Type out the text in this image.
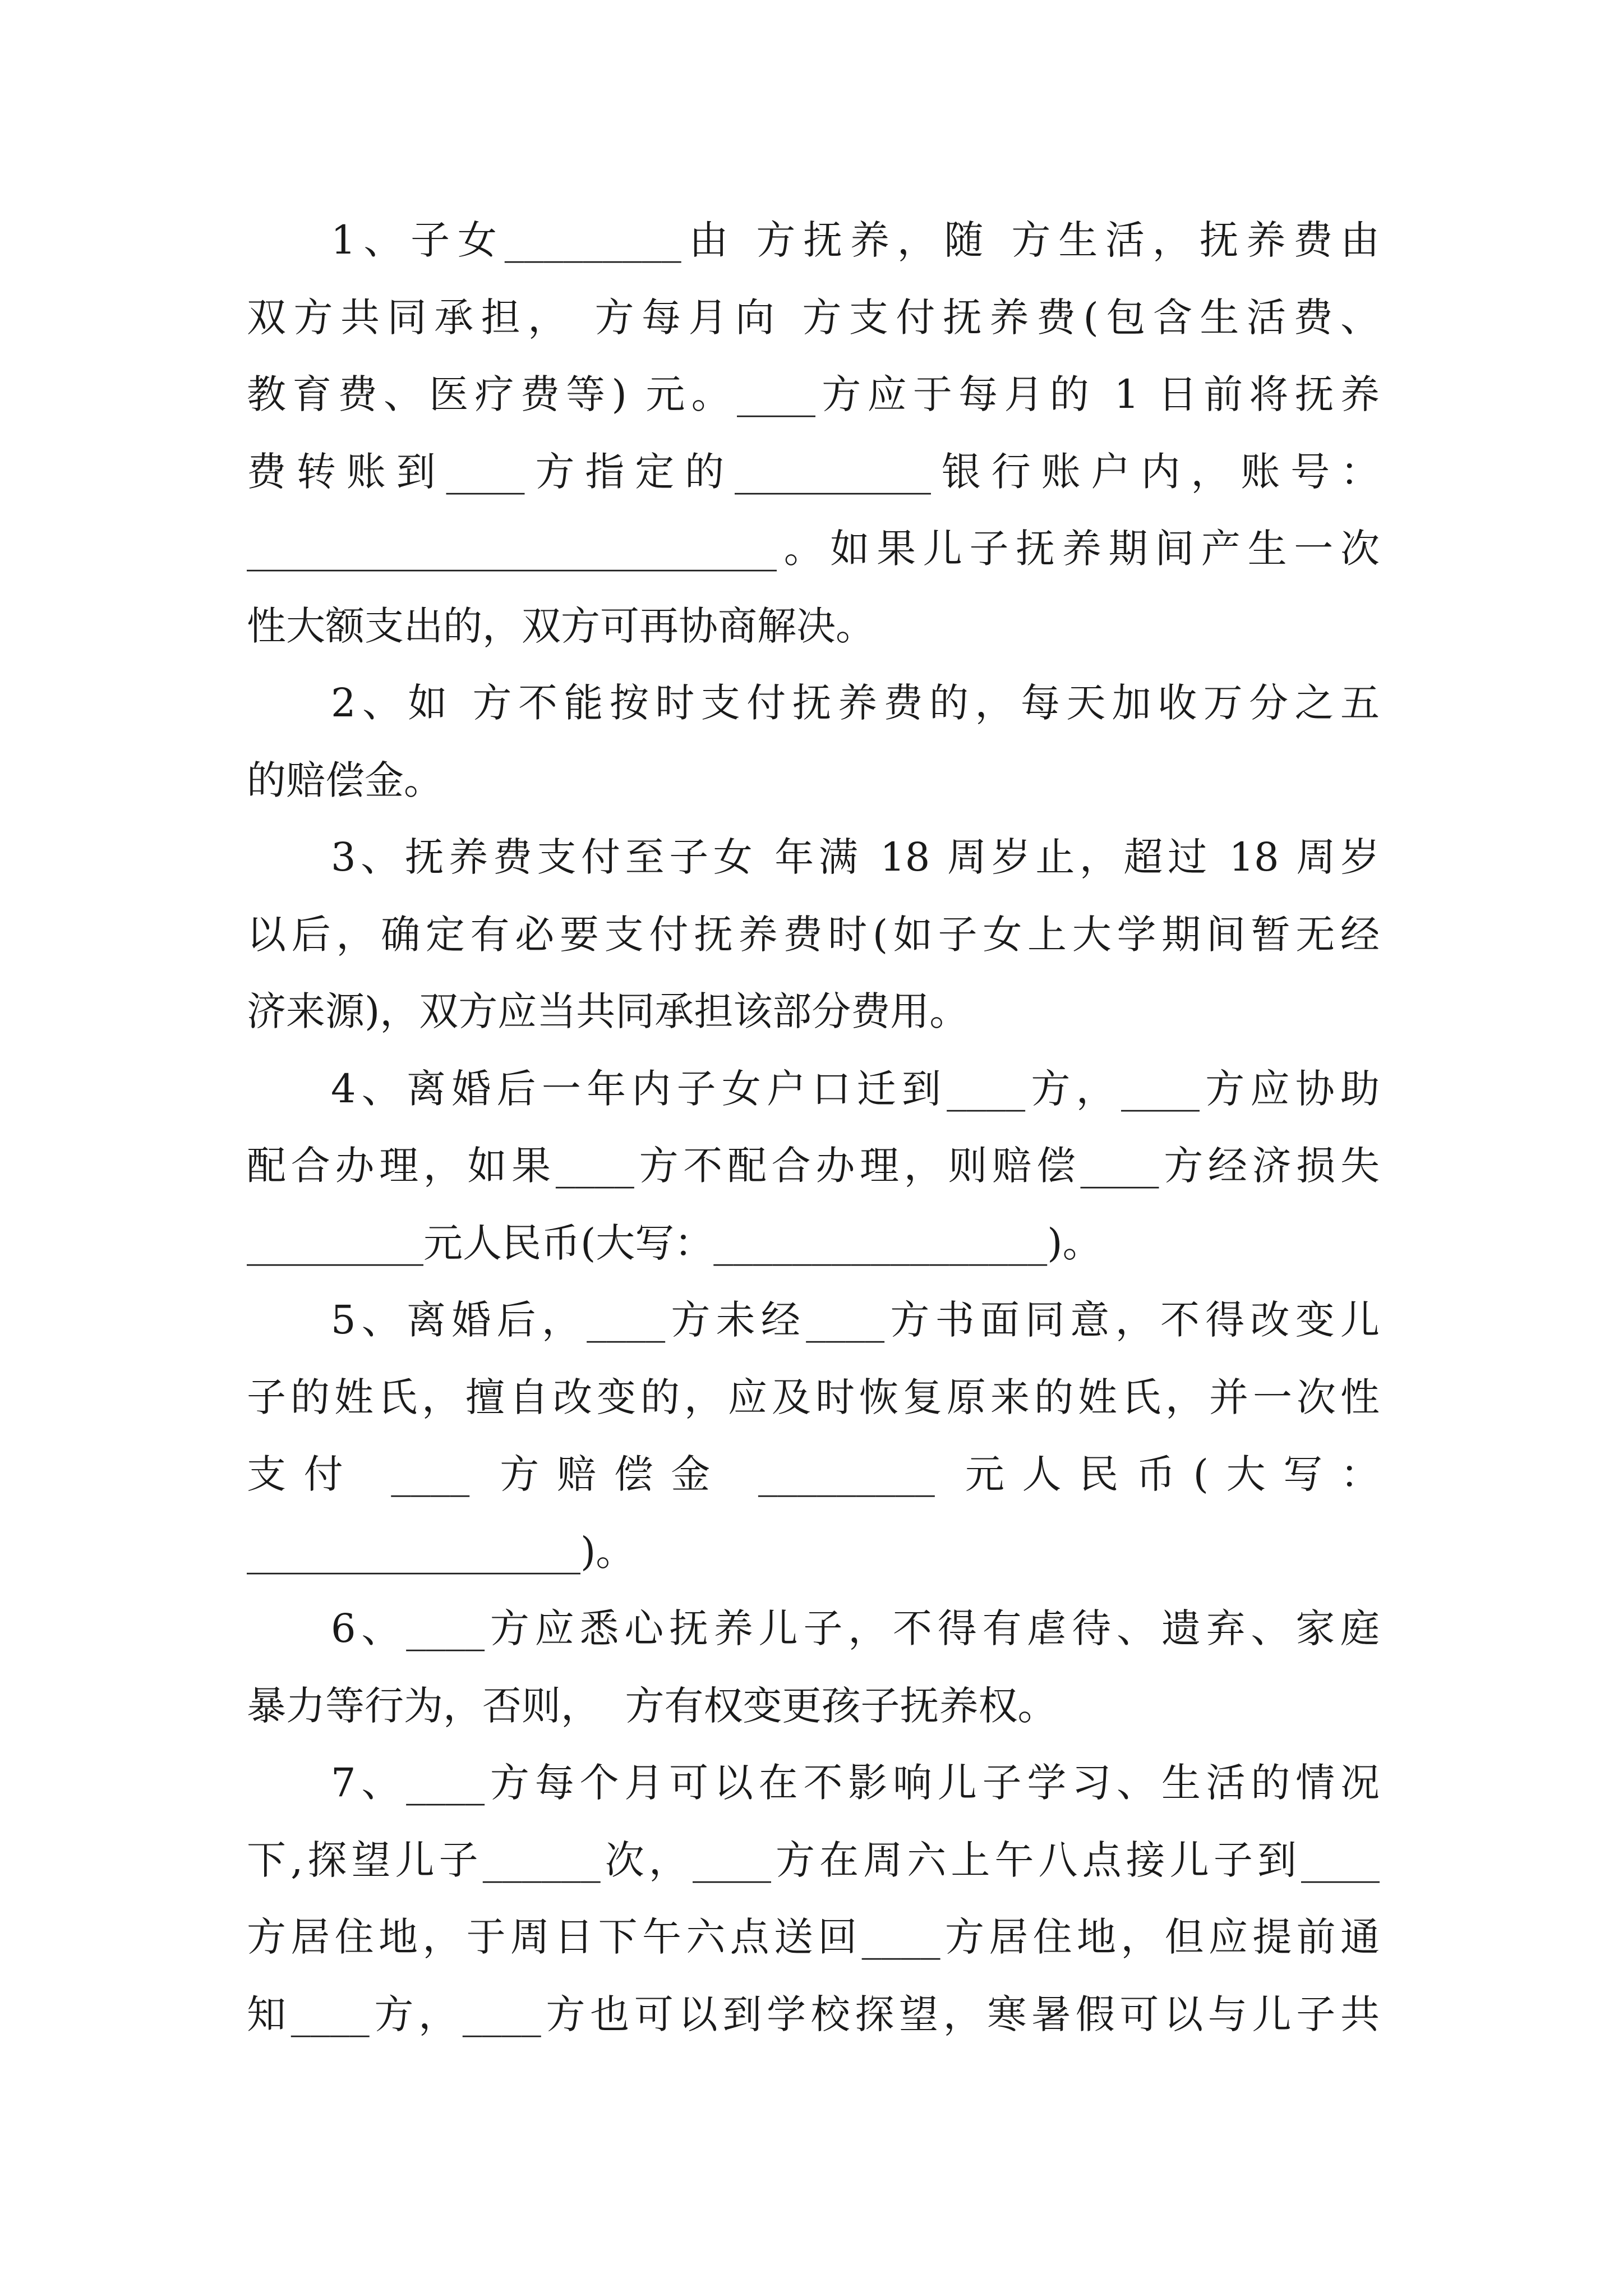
1、子女_________由 方抚养，随 方生活，抚养费由
双方共同承担， 方每月向 方支付抚养费(包含生活费、
教育费、医疗费等) 元。____方应于每月的 1 日前将抚养
费转账到____方指定的__________银行账户内，账号：
___________________________。如果儿子抚养期间产生一次
性大额支出的，双方可再协商解决。
2、如 方不能按时支付抚养费的，每天加收万分之五
的赔偿金。
3、抚养费支付至子女 年满 18 周岁止，超过 18 周岁
以后，确定有必要支付抚养费时(如子女上大学期间暂无经
济来源)，双方应当共同承担该部分费用。
4、离婚后一年内子女户口迁到____方，____方应协助
配合办理，如果____方不配合办理，则赔偿____方经济损失
_________元人民币(大写：_________________)。
5、离婚后，____方未经____方书面同意，不得改变儿
子的姓氏，擅自改变的，应及时恢复原来的姓氏，并一次性
支付 ____ 方赔偿金 _________ 元人民币(大写：
_________________)。
6、____方应悉心抚养儿子，不得有虐待、遗弃、家庭
暴力等行为，否则，  方有权变更孩子抚养权。
7、____方每个月可以在不影响儿子学习、生活的情况
下,探望儿子______次，____方在周六上午八点接儿子到____
方居住地，于周日下午六点送回____方居住地，但应提前通
知____方，____方也可以到学校探望，寒暑假可以与儿子共
